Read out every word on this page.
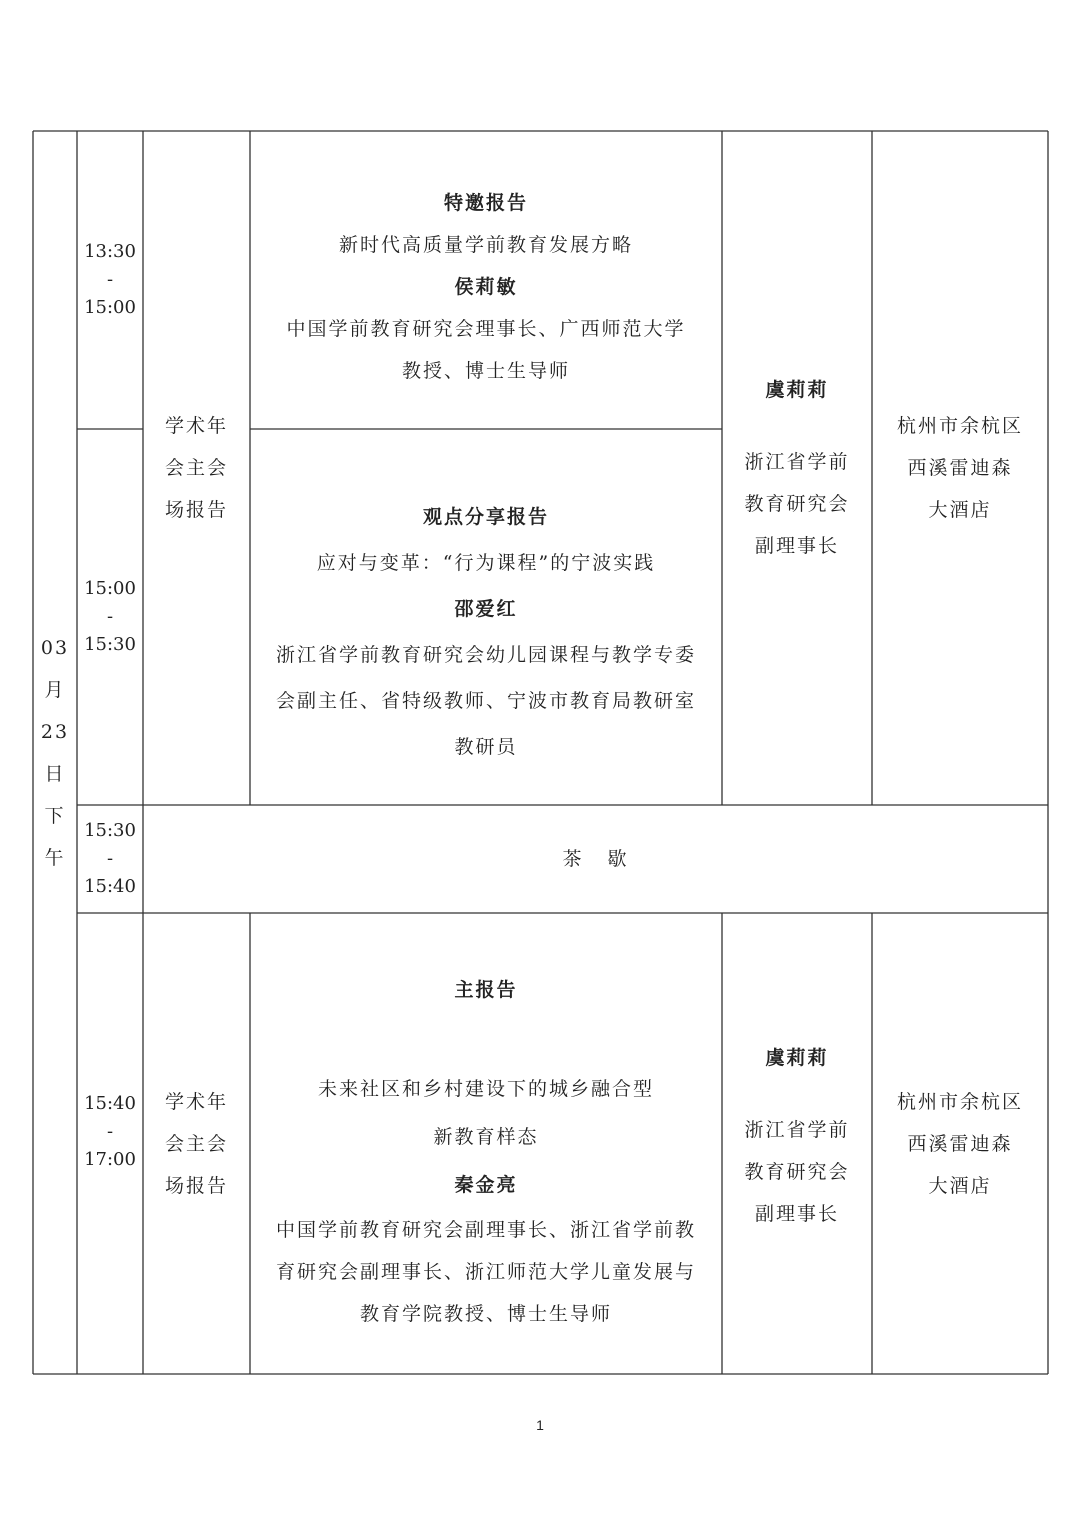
03
月
23
日
下
午
13:30
-
15:00
15:00
-
15:30
学术年
会主会
场报告
特邀报告
新时代高质量学前教育发展方略
侯莉敏
中国学前教育研究会理事长、广西师范大学
教授、博士生导师
观点分享报告
应对与变革：“行为课程”的宁波实践
邵爱红
浙江省学前教育研究会幼儿园课程与教学专委
会副主任、省特级教师、宁波市教育局教研室
教研员
虞莉莉
浙江省学前
教育研究会
副理事长
杭州市余杭区
西溪雷迪森
大酒店
15:30
-
15:40
茶   歇
15:40
-
17:00
学术年
会主会
场报告
主报告
未来社区和乡村建设下的城乡融合型
新教育样态
秦金亮
中国学前教育研究会副理事长、浙江省学前教
育研究会副理事长、浙江师范大学儿童发展与
教育学院教授、博士生导师
虞莉莉
浙江省学前
教育研究会
副理事长
杭州市余杭区
西溪雷迪森
大酒店
1
